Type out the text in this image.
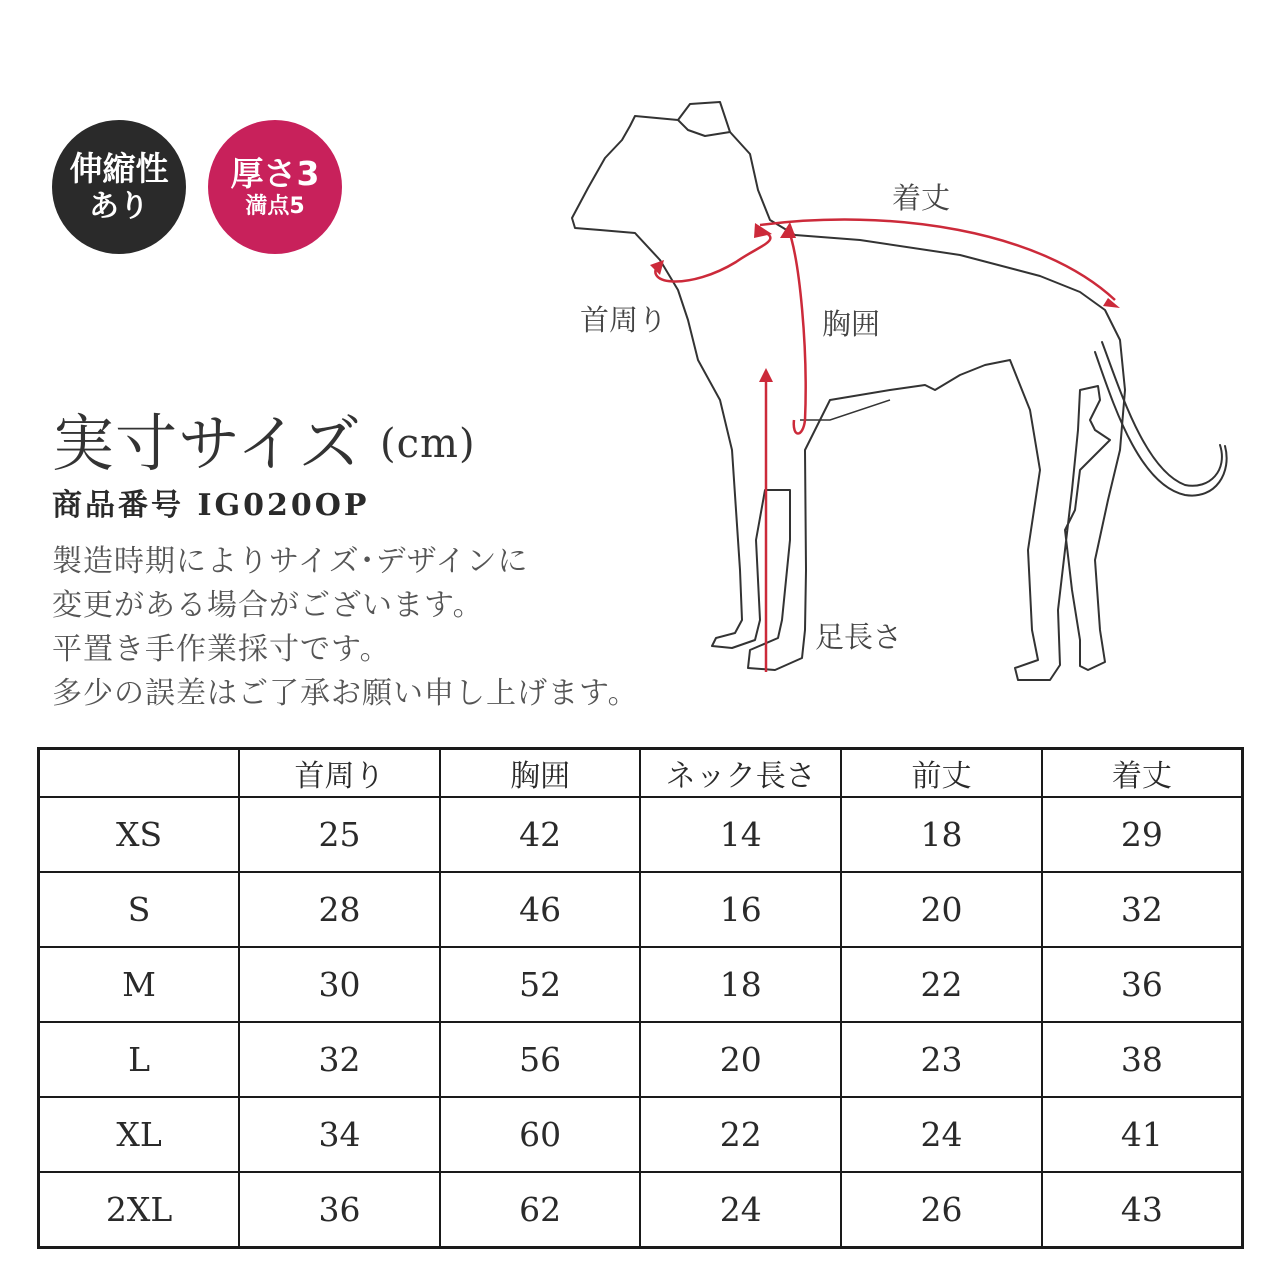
伸縮性
あり
厚さ3
満点5
実寸サイズ (cm)
商品番号 IG020OP
製造時期によりサイズ･デザインに
変更がある場合がございます。
平置き手作業採寸です。
多少の誤差はご了承お願い申し上げます。
着丈
首周り	胸囲
足長さ
	首周り	胸囲	ネック長さ	前丈	着丈
XS	25	42	14	18	29
S	28	46	16	20	32
M	30	52	18	22	36
L	32	56	20	23	38
XL	34	60	22	24	41
2XL	36	62	24	26	43
